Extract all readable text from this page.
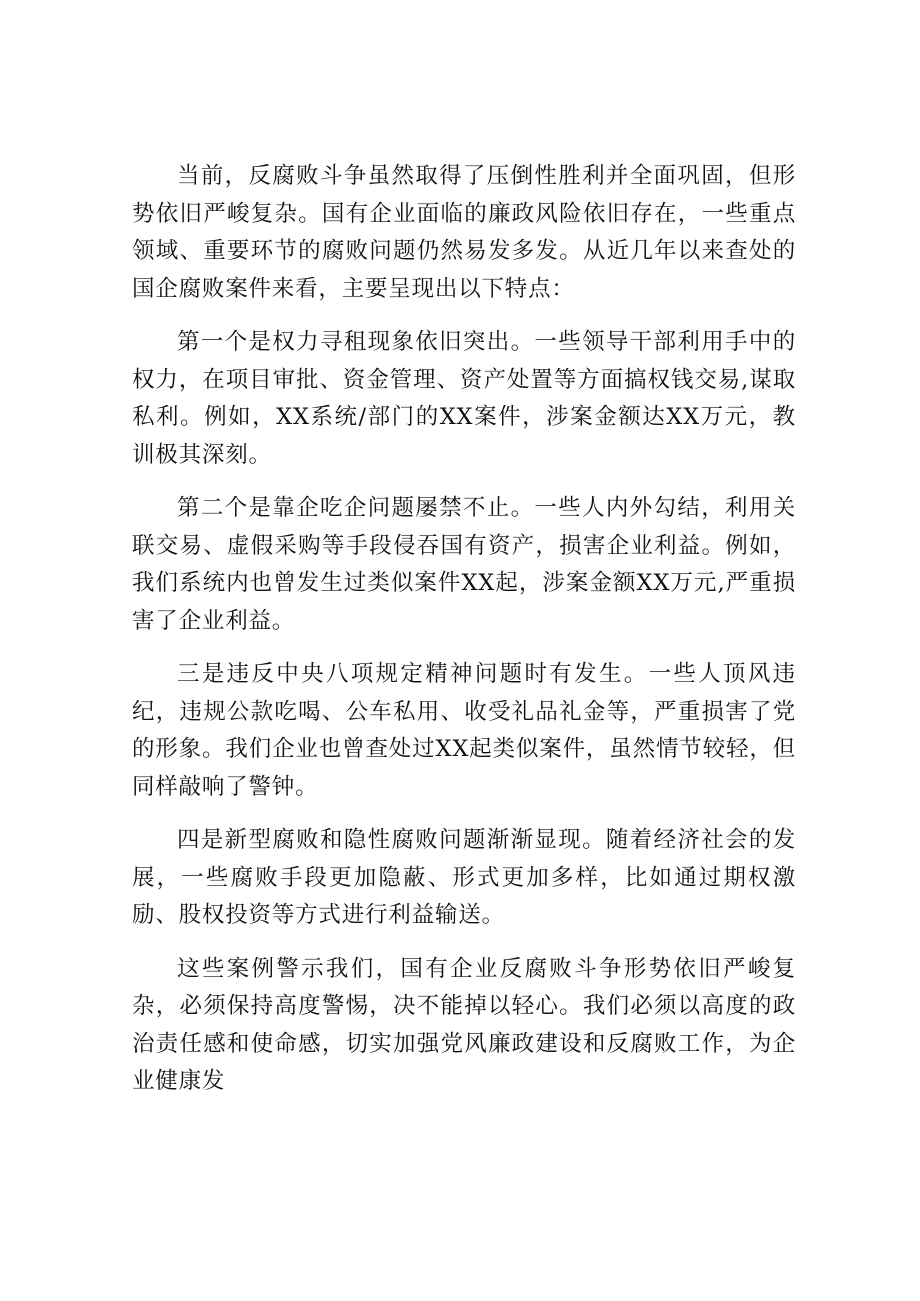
当前，反腐败斗争虽然取得了压倒性胜利并全面巩固，但形势依旧严峻复杂。国有企业面临的廉政风险依旧存在，一些重点领域、重要环节的腐败问题仍然易发多发。从近几年以来查处的国企腐败案件来看，主要呈现出以下特点：

第一个是权力寻租现象依旧突出。一些领导干部利用手中的权力，在项目审批、资金管理、资产处置等方面搞权钱交易,谋取私利。例如，XX系统/部门的XX案件，涉案金额达XX万元，教训极其深刻。

第二个是靠企吃企问题屡禁不止。一些人内外勾结，利用关联交易、虚假采购等手段侵吞国有资产，损害企业利益。例如，我们系统内也曾发生过类似案件XX起，涉案金额XX万元,严重损害了企业利益。

三是违反中央八项规定精神问题时有发生。一些人顶风违纪，违规公款吃喝、公车私用、收受礼品礼金等，严重损害了党的形象。我们企业也曾查处过XX起类似案件，虽然情节较轻，但同样敲响了警钟。

四是新型腐败和隐性腐败问题渐渐显现。随着经济社会的发展，一些腐败手段更加隐蔽、形式更加多样，比如通过期权激励、股权投资等方式进行利益输送。

这些案例警示我们，国有企业反腐败斗争形势依旧严峻复杂，必须保持高度警惕，决不能掉以轻心。我们必须以高度的政治责任感和使命感，切实加强党风廉政建设和反腐败工作，为企业健康发
